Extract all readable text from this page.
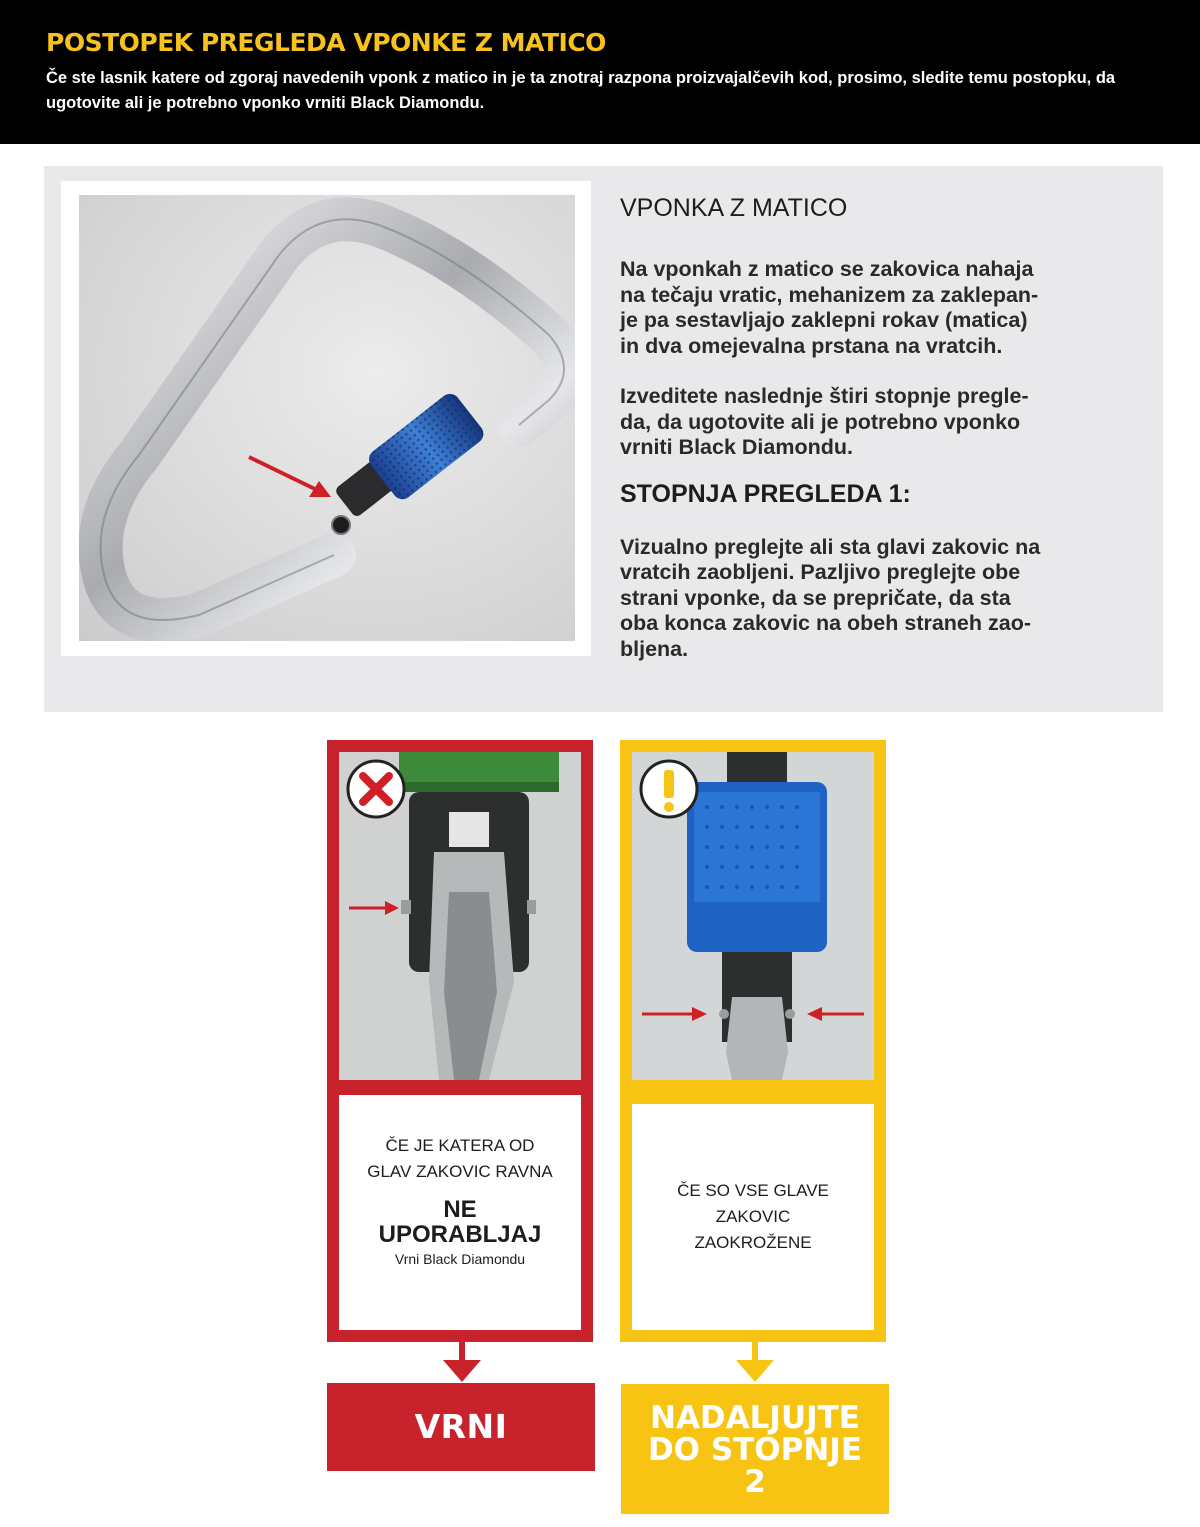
POSTOPEK PREGLEDA VPONKE Z MATICO

Če ste lasnik katere od zgoraj navedenih vponk z matico in je ta znotraj razpona proizvajalčevih kod, prosimo, sledite temu postopku, da ugotovite ali je potrebno vponko vrniti Black Diamondu.

VPONKA Z MATICO

Na vponkah z matico se zakovica nahaja

na tečaju vratic, mehanizem za zaklepan-

je pa sestavljajo zaklepni rokav (matica)

in dva omejevalna prstana na vratcih.

Izveditete naslednje štiri stopnje pregle-

da, da ugotovite ali je potrebno vponko

vrniti Black Diamondu.

STOPNJA PREGLEDA 1:

Vizualno preglejte ali sta glavi zakovic na

vratcih zaobljeni. Pazljivo preglejte obe

strani vponke, da se prepričate, da sta

oba konca zakovic na obeh straneh zao-

bljena.

ČE JE KATERA OD
GLAV ZAKOVIC RAVNA
NE
UPORABLJAJ
Vrni Black Diamondu
VRNI
ČE SO VSE GLAVE
ZAKOVIC
ZAOKROŽENE
NADALJUJTE
DO STOPNJE
2
